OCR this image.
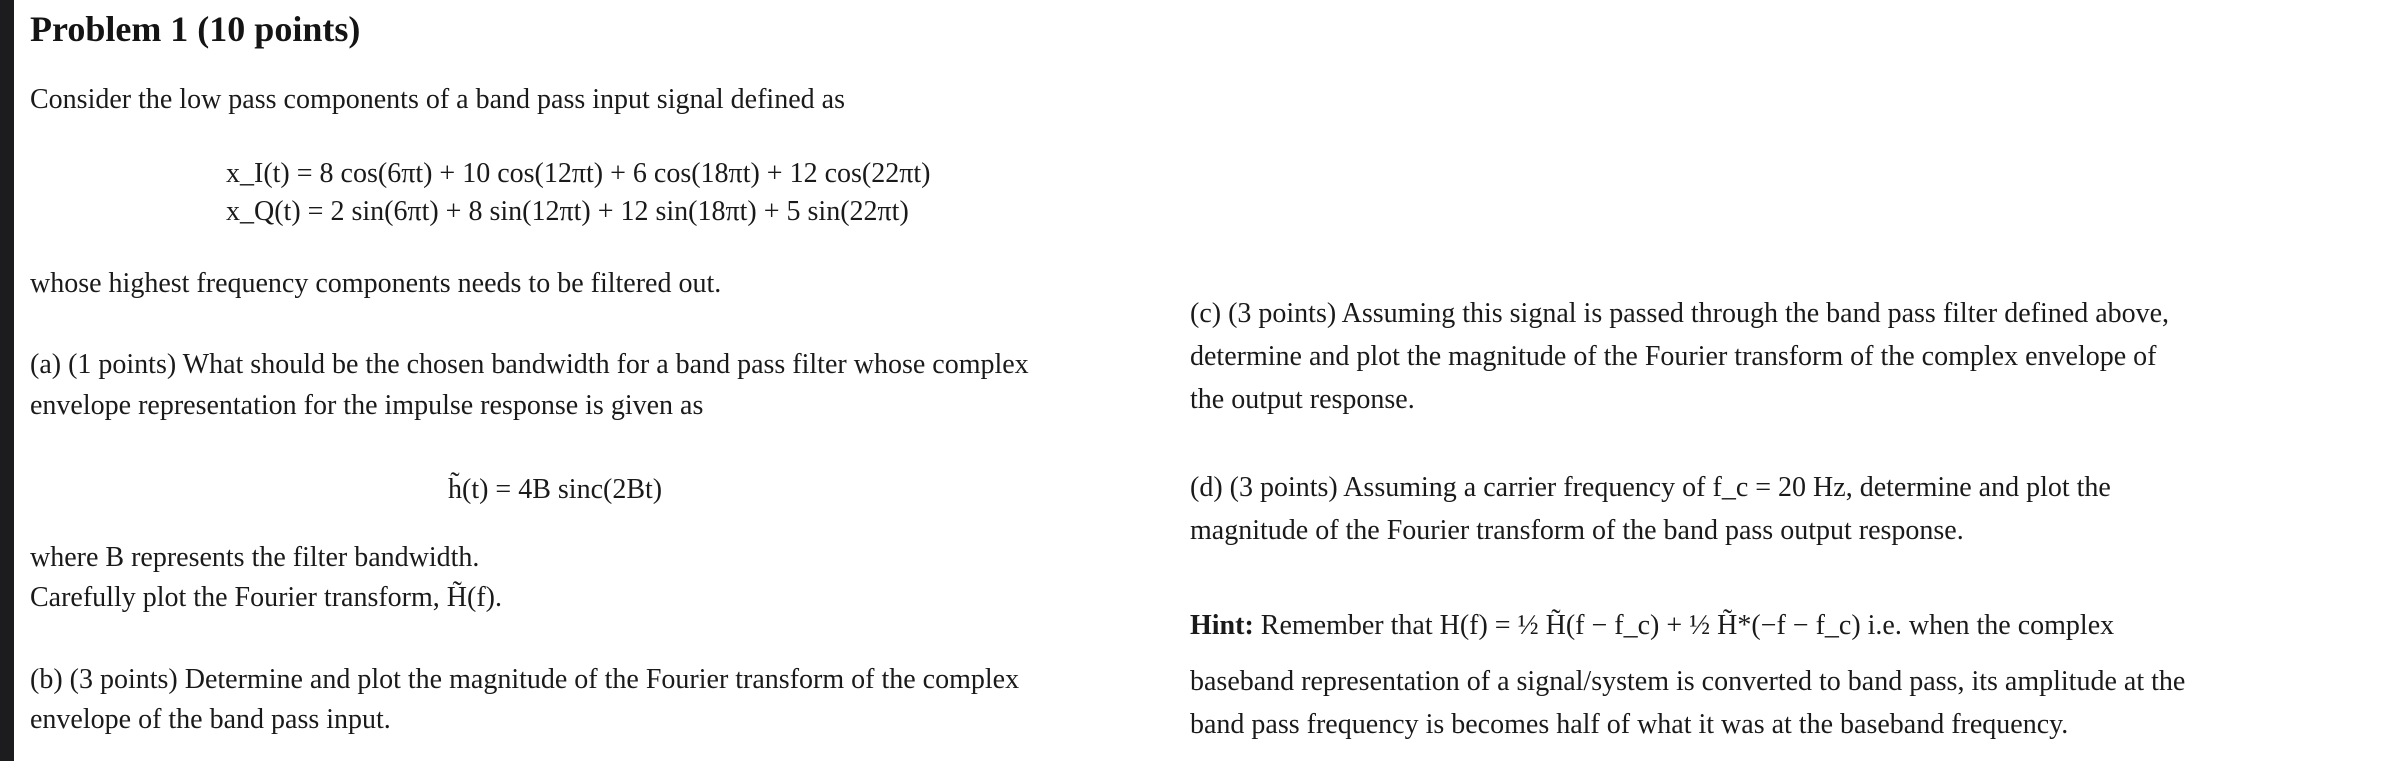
Problem 1 (10 points)
Consider the low pass components of a band pass input signal defined as
x_I(t) = 8 cos(6πt) + 10 cos(12πt) + 6 cos(18πt) + 12 cos(22πt)
x_Q(t) = 2 sin(6πt) + 8 sin(12πt) + 12 sin(18πt) + 5 sin(22πt)
whose highest frequency components needs to be filtered out.
(a) (1 points) What should be the chosen bandwidth for a band pass filter whose complex
envelope representation for the impulse response is given as
h̃(t) = 4B sinc(2Bt)
where B represents the filter bandwidth.
Carefully plot the Fourier transform, H̃(f).
(b) (3 points) Determine and plot the magnitude of the Fourier transform of the complex
envelope of the band pass input.
(c) (3 points) Assuming this signal is passed through the band pass filter defined above,
determine and plot the magnitude of the Fourier transform of the complex envelope of
the output response.
(d) (3 points) Assuming a carrier frequency of f_c = 20 Hz, determine and plot the
magnitude of the Fourier transform of the band pass output response.
Hint: Remember that H(f) = ½ H̃(f − f_c) + ½ H̃*(−f − f_c) i.e. when the complex
baseband representation of a signal/system is converted to band pass, its amplitude at the
band pass frequency is becomes half of what it was at the baseband frequency.
